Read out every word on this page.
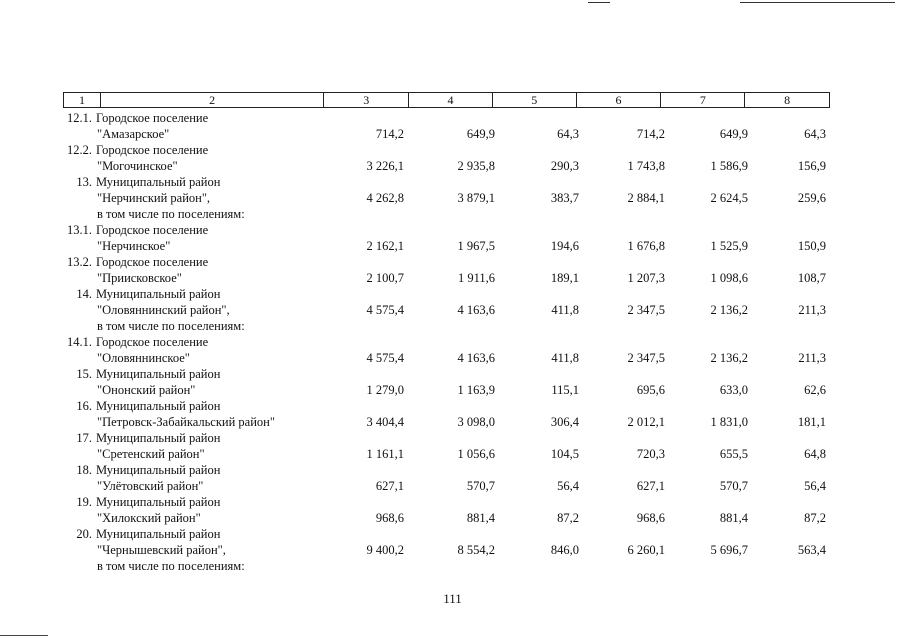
1	2	3	4	5	6	7	8
12.1. Городское поселение
"Амазарское"	714,2	649,9	64,3	714,2	649,9	64,3
12.2. Городское поселение
"Могочинское"	3 226,1	2 935,8	290,3	1 743,8	1 586,9	156,9
13. Муниципальный район
"Нерчинский район",	4 262,8	3 879,1	383,7	2 884,1	2 624,5	259,6
в том числе по поселениям:
13.1. Городское поселение
"Нерчинское"	2 162,1	1 967,5	194,6	1 676,8	1 525,9	150,9
13.2. Городское поселение
"Приисковское"	2 100,7	1 911,6	189,1	1 207,3	1 098,6	108,7
14. Муниципальный район
"Оловяннинский район",	4 575,4	4 163,6	411,8	2 347,5	2 136,2	211,3
в том числе по поселениям:
14.1. Городское поселение
"Оловяннинское"	4 575,4	4 163,6	411,8	2 347,5	2 136,2	211,3
15. Муниципальный район
"Ононский район"	1 279,0	1 163,9	115,1	695,6	633,0	62,6
16. Муниципальный район
"Петровск-Забайкальский район"	3 404,4	3 098,0	306,4	2 012,1	1 831,0	181,1
17. Муниципальный район
"Сретенский район"	1 161,1	1 056,6	104,5	720,3	655,5	64,8
18. Муниципальный район
"Улётовский район"	627,1	570,7	56,4	627,1	570,7	56,4
19. Муниципальный район
"Хилокский район"	968,6	881,4	87,2	968,6	881,4	87,2
20. Муниципальный район
"Чернышевский район",	9 400,2	8 554,2	846,0	6 260,1	5 696,7	563,4
в том числе по поселениям:
111
